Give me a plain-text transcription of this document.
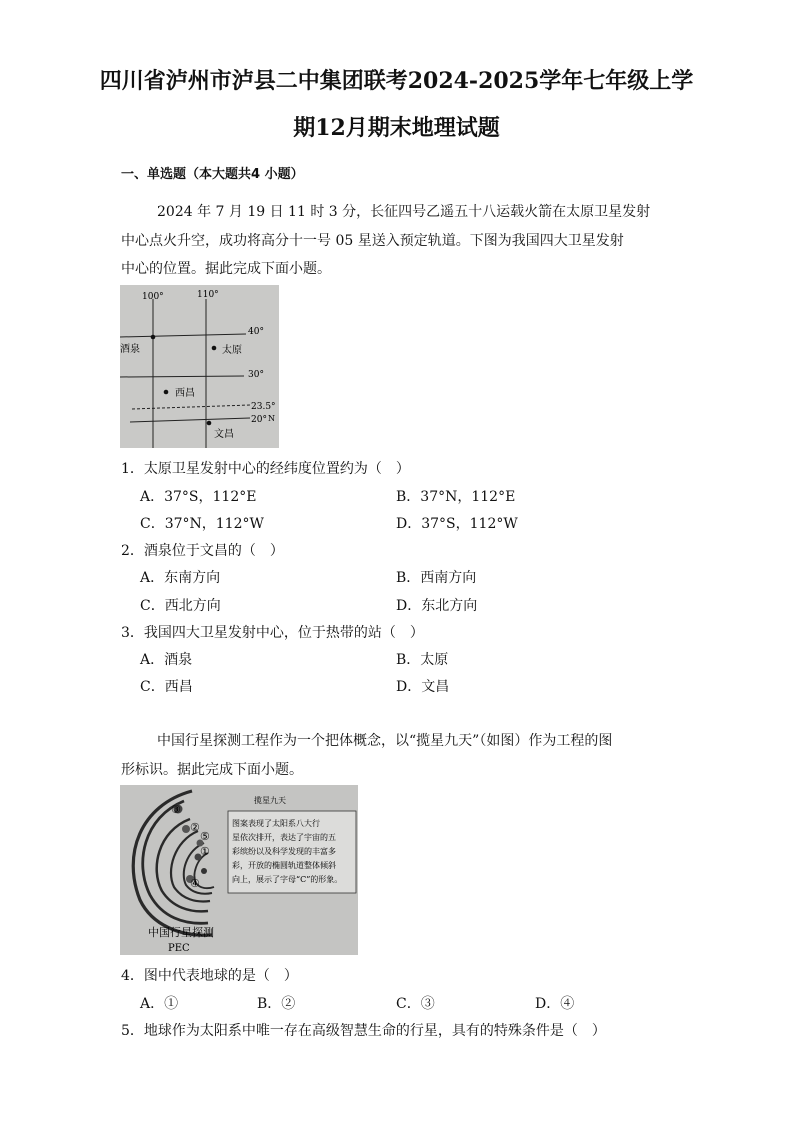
四川省泸州市泸县二中集团联考2024-2025学年七年级上学
期12月期末地理试题
一、单选题（本大题共4 小题）
2024 年 7 月 19 日 11 时 3 分，长征四号乙遥五十八运载火箭在太原卫星发射
中心点火升空，成功将高分十一号 05 星送入预定轨道。下图为我国四大卫星发射
中心的位置。据此完成下面小题。
100°	110°
40°
30°
23.5°
20° N
酒泉	太原
西昌
文昌
1．太原卫星发射中心的经纬度位置约为（　）
A．37°S，112°E	B．37°N，112°E
C．37°N，112°W	D．37°S，112°W
2．酒泉位于文昌的（　）
A．东南方向	B．西南方向
C．西北方向	D．东北方向
3．我国四大卫星发射中心，位于热带的站（　）
A．酒泉	B．太原
C．西昌	D．文昌
中国行星探测工程作为一个把体概念，以“揽星九天”（如图）作为工程的图
形标识。据此完成下面小题。
③
②
⑤
①
④
揽星九天
图案表现了太阳系八大行
星依次排开，表达了宇宙的五
彩缤纷以及科学发现的丰富多
彩，开放的椭圆轨道整体倾斜
向上，展示了字母“C”的形象。
中国行星探测
PEC
4．图中代表地球的是（　）
A．①	B．②	C．③	D．④
5．地球作为太阳系中唯一存在高级智慧生命的行星，具有的特殊条件是（　）
